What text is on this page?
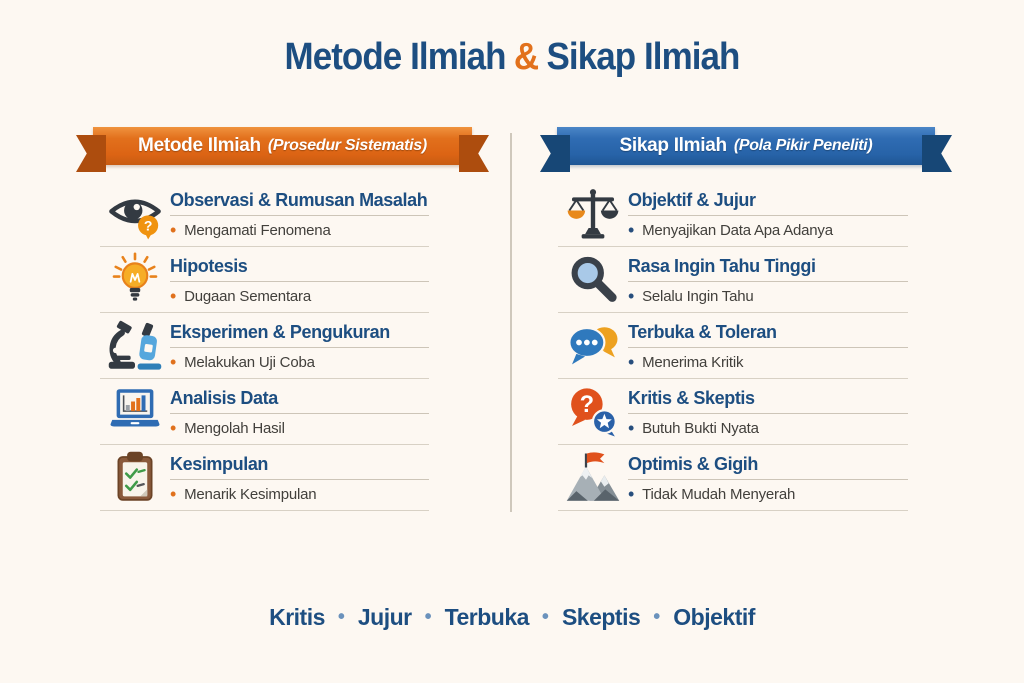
Metode Ilmiah & Sikap Ilmiah
Metode Ilmiah (Prosedur Sistematis)	Sikap Ilmiah (Pola Pikir Peneliti)
?
Observasi & Rumusan Masalah
• Mengamati Fenomena
Hipotesis
• Dugaan Sementara
Eksperimen & Pengukuran
• Melakukan Uji Coba
Analisis Data
• Mengolah Hasil
Kesimpulan
• Menarik Kesimpulan
Objektif & Jujur
• Menyajikan Data Apa Adanya
Rasa Ingin Tahu Tinggi
• Selalu Ingin Tahu
Terbuka & Toleran
• Menerima Kritik
? Kritis & Skeptis
• Butuh Bukti Nyata
Optimis & Gigih
• Tidak Mudah Menyerah
Kritis • Jujur • Terbuka • Skeptis • Objektif
